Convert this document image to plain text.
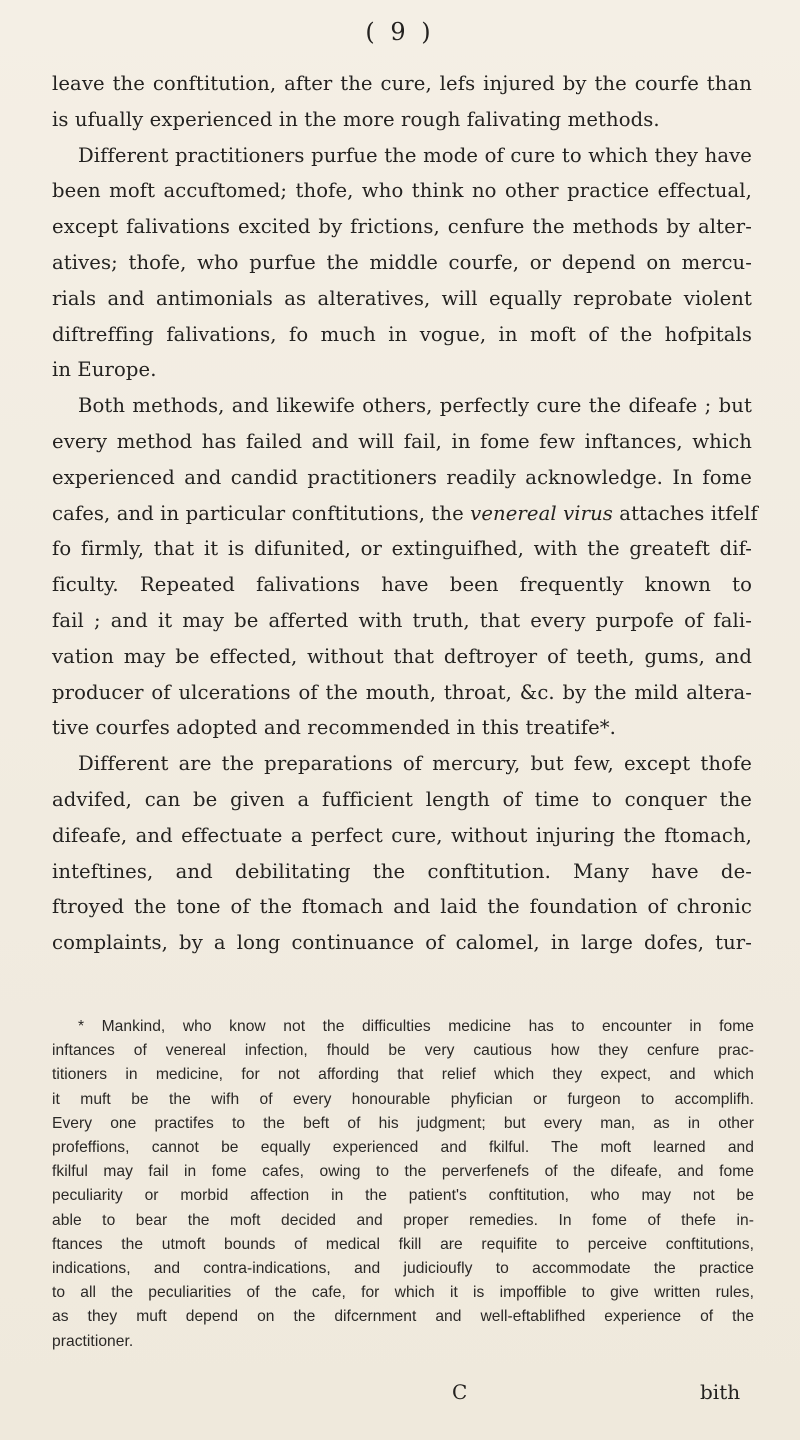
( 9 )
leave the conftitution, after the cure, lefs injured by the courfe than
is ufually experienced in the more rough falivating methods.
Different practitioners purfue the mode of cure to which they have
been moft accuftomed; thofe, who think no other practice effectual,
except falivations excited by frictions, cenfure the methods by alter-
atives; thofe, who purfue the middle courfe, or depend on mercu-
rials and antimonials as alteratives, will equally reprobate violent
diftreffing falivations, fo much in vogue, in moft of the hofpitals
in Europe.
Both methods, and likewife others, perfectly cure the difeafe ; but
every method has failed and will fail, in fome few inftances, which
experienced and candid practitioners readily acknowledge. In fome
cafes, and in particular conftitutions, the venereal virus attaches itfelf
fo firmly, that it is difunited, or extinguifhed, with the greateft dif-
ficulty. Repeated falivations have been frequently known to
fail ; and it may be afferted with truth, that every purpofe of fali-
vation may be effected, without that deftroyer of teeth, gums, and
producer of ulcerations of the mouth, throat, &c. by the mild altera-
tive courfes adopted and recommended in this treatife*.
Different are the preparations of mercury, but few, except thofe
advifed, can be given a fufficient length of time to conquer the
difeafe, and effectuate a perfect cure, without injuring the ftomach,
inteftines, and debilitating the conftitution. Many have de-
ftroyed the tone of the ftomach and laid the foundation of chronic
complaints, by a long continuance of calomel, in large dofes, tur-
* Mankind, who know not the difficulties medicine has to encounter in fome
inftances of venereal infection, fhould be very cautious how they cenfure prac-
titioners in medicine, for not affording that relief which they expect, and which
it muft be the wifh of every honourable phyfician or furgeon to accomplifh.
Every one practifes to the beft of his judgment; but every man, as in other
profeffions, cannot be equally experienced and fkilful. The moft learned and
fkilful may fail in fome cafes, owing to the perverfenefs of the difeafe, and fome
peculiarity or morbid affection in the patient's conftitution, who may not be
able to bear the moft decided and proper remedies. In fome of thefe in-
ftances the utmoft bounds of medical fkill are requifite to perceive conftitutions,
indications, and contra-indications, and judicioufly to accommodate the practice
to all the peculiarities of the cafe, for which it is impoffible to give written rules,
as they muft depend on the difcernment and well-eftablifhed experience of the
practitioner.
C	bith
